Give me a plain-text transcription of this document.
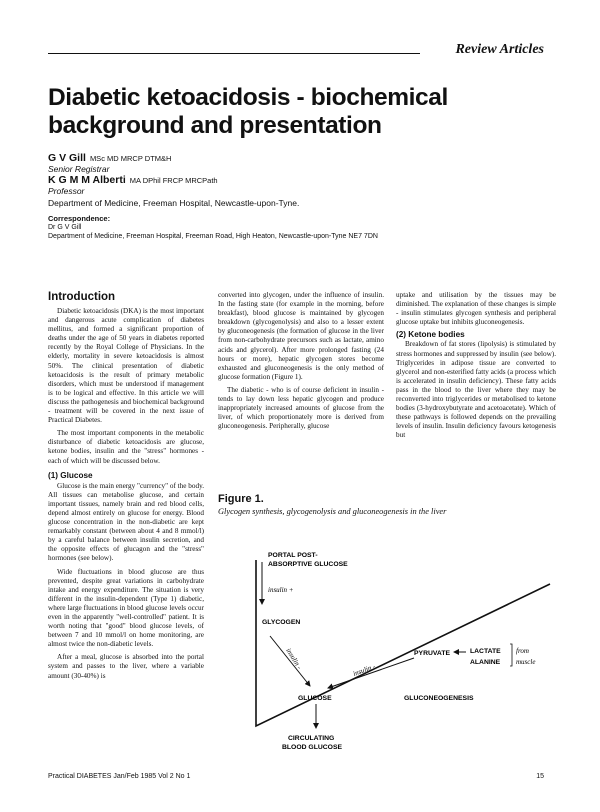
Review Articles
Diabetic ketoacidosis - biochemical background and presentation
G V Gill MSc MD MRCP DTM&H
Senior Registrar
K G M M Alberti MA DPhil FRCP MRCPath
Professor
Department of Medicine, Freeman Hospital, Newcastle-upon-Tyne.
Correspondence:
Dr G V Gill
Department of Medicine, Freeman Hospital, Freeman Road, High Heaton, Newcastle-upon-Tyne NE7 7DN
Introduction

Diabetic ketoacidosis (DKA) is the most important and dangerous acute complication of diabetes mellitus, and formed a significant proportion of deaths under the age of 50 years in diabetes reported recently by the Royal College of Physicians. In the elderly, mortality in severe ketoacidosis is almost 50%. The clinical presentation of diabetic ketoacidosis is the result of primary metabolic disorders, which must be understood if management is to be logical and effective. In this article we will discuss the pathogenesis and biochemical background - treatment will be covered in the next issue of Practical Diabetes.

The most important components in the metabolic disturbance of diabetic ketoacidosis are glucose, ketone bodies, insulin and the "stress" hormones - each of which will be discussed below.

(1) Glucose

Glucose is the main energy "currency" of the body. All tissues can metabolise glucose, and certain important tissues, namely brain and red blood cells, depend almost entirely on glucose for energy. Blood glucose concentration in the non-diabetic are kept remarkably constant (between about 4 and 8 mmol/l) by a careful balance between insulin secretion, and the opposite effects of glucagon and the "stress" hormones (see below).

Wide fluctuations in blood glucose are thus prevented, despite great variations in carbohydrate intake and energy expenditure. The situation is very different in the insulin-dependent (Type 1) diabetic, where large fluctuations in blood glucose levels occur even in the apparently "well-controlled" patient. It is worth noting that "good" blood glucose levels, of between 7 and 10 mmol/l on home monitoring, are almost twice the non-diabetic levels.

After a meal, glucose is absorbed into the portal system and passes to the liver, where a variable amount (30-40%) is

converted into glycogen, under the influence of insulin. In the fasting state (for example in the morning, before breakfast), blood glucose is maintained by glycogen breakdown (glycogenolysis) and also to a lesser extent by gluconeogenesis (the formation of glucose in the liver from non-carbohydrate precursors such as lactate, amino acids and glycerol). After more prolonged fasting (24 hours or more), hepatic glycogen stores become exhausted and gluconeogenesis is the only method of glucose formation (Figure 1).

The diabetic - who is of course deficient in insulin - tends to lay down less hepatic glycogen and produce inappropriately increased amounts of glucose from the liver, of which proportionately more is derived from gluconeogenesis. Peripherally, glucose

uptake and utilisation by the tissues may be diminished. The explanation of these changes is simple - insulin stimulates glycogen synthesis and peripheral glucose uptake but inhibits gluconeogenesis.

(2) Ketone bodies

Breakdown of fat stores (lipolysis) is stimulated by stress hormones and suppressed by insulin (see below). Triglycerides in adipose tissue are converted to glycerol and non-esterified fatty acids (a process which is accelerated in insulin deficiency). These fatty acids pass in the blood to the liver where they may be reconverted into triglycerides or metabolised to ketone bodies (3-hydroxybutyrate and acetoacetate). Which of these pathways is followed depends on the prevailing levels of insulin. Insulin deficiency favours ketogenesis but

Figure 1.
Glycogen synthesis, glycogenolysis and gluconeogenesis in the liver
PORTAL POST-
ABSORPTIVE GLUCOSE
insulin +
GLYCOGEN
insulin -	insulin -
PYRUVATE	LACTATE
ALANINE
from
muscle
GLUCOSE	GLUCONEOGENESIS
CIRCULATING
BLOOD GLUCOSE
Practical DIABETES Jan/Feb 1985 Vol 2 No 1	15
